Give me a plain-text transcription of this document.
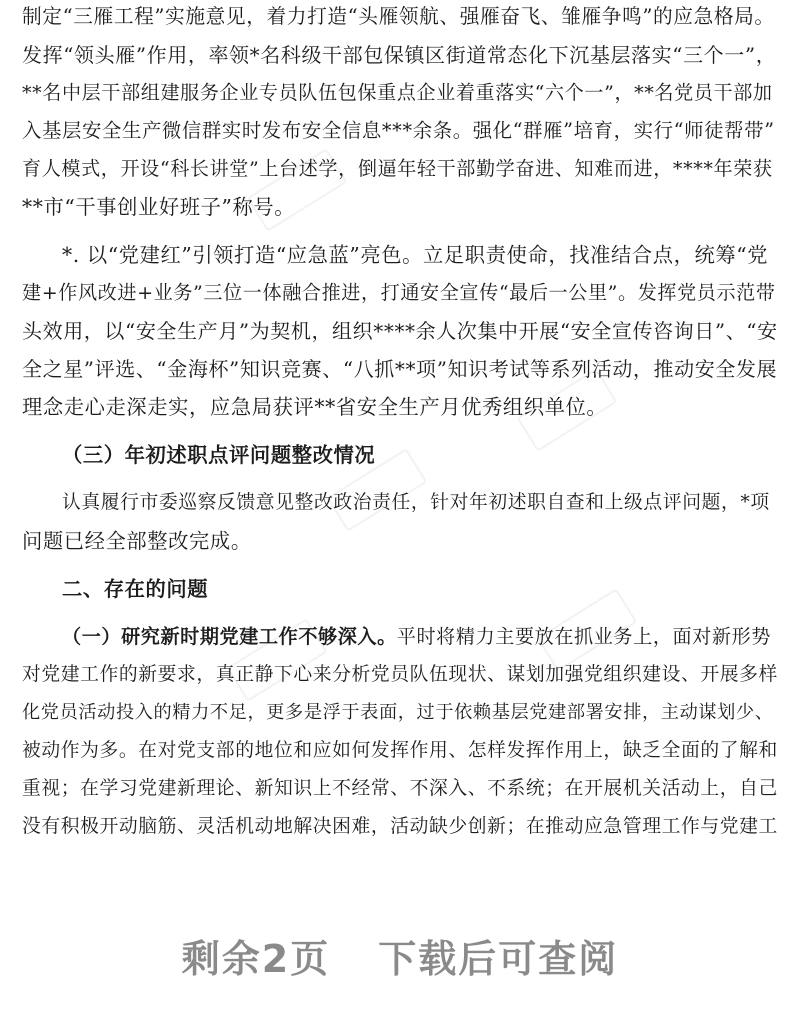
制定“三雁工程”实施意见，着力打造“头雁领航、强雁奋飞、雏雁争鸣”的应急格局。
发挥“领头雁”作用，率领*名科级干部包保镇区街道常态化下沉基层落实“三个一”，
**名中层干部组建服务企业专员队伍包保重点企业着重落实“六个一”，**名党员干部加
入基层安全生产微信群实时发布安全信息***余条。强化“群雁”培育，实行“师徒帮带”
育人模式，开设“科长讲堂”上台述学，倒逼年轻干部勤学奋进、知难而进，****年荣获
**市“干事创业好班子”称号。
*. 以“党建红”引领打造“应急蓝”亮色。立足职责使命，找准结合点，统筹“党
建+作风改进+业务”三位一体融合推进，打通安全宣传“最后一公里”。发挥党员示范带
头效用，以“安全生产月”为契机，组织****余人次集中开展“安全宣传咨询日”、“安
全之星”评选、“金海杯”知识竞赛、“八抓**项”知识考试等系列活动，推动安全发展
理念走心走深走实，应急局获评**省安全生产月优秀组织单位。
（三）年初述职点评问题整改情况
认真履行市委巡察反馈意见整改政治责任，针对年初述职自查和上级点评问题，*项
问题已经全部整改完成。
二、存在的问题
（一）研究新时期党建工作不够深入。平时将精力主要放在抓业务上，面对新形势
对党建工作的新要求，真正静下心来分析党员队伍现状、谋划加强党组织建设、开展多样
化党员活动投入的精力不足，更多是浮于表面，过于依赖基层党建部署安排，主动谋划少、
被动作为多。在对党支部的地位和应如何发挥作用、怎样发挥作用上，缺乏全面的了解和
重视；在学习党建新理论、新知识上不经常、不深入、不系统；在开展机关活动上，自己
没有积极开动脑筋、灵活机动地解决困难，活动缺少创新；在推动应急管理工作与党建工
剩余2页 下载后可查阅
